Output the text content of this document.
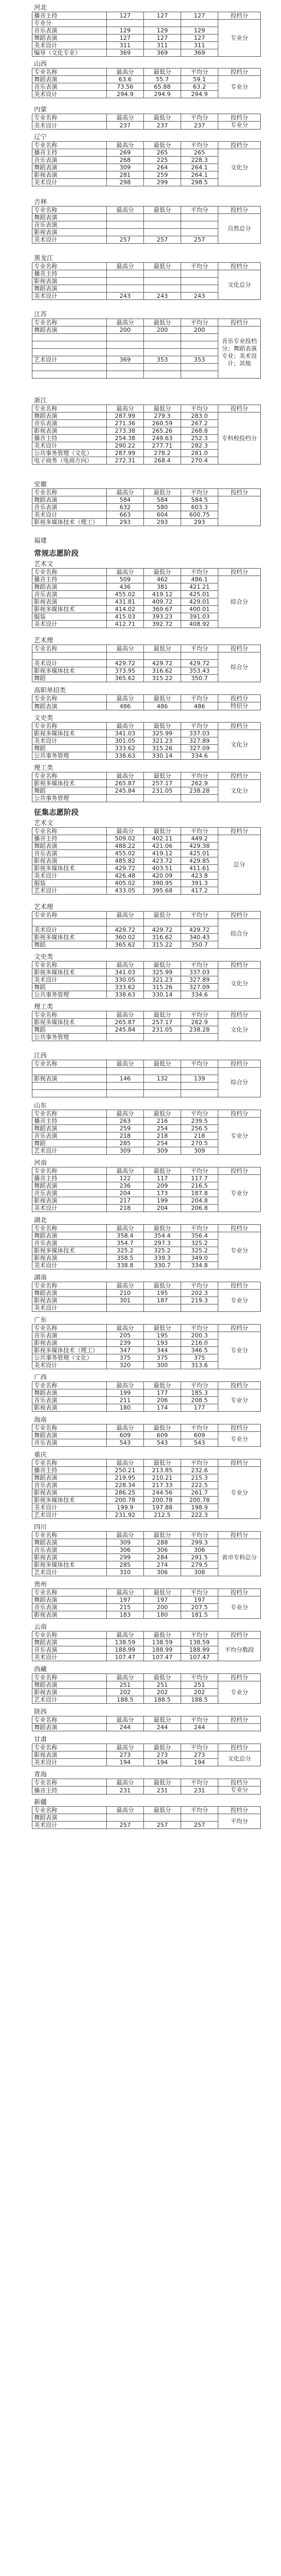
河北
播音主持	127	127	127	投档分
专业分				专业分
音乐表演	129	129	129	
舞蹈表演	127	127	127	
美术设计	311	311	311	
编导（文化专业）	369	369	369	
山西
专业名称	最高分	最低分	平均分	投档分
舞蹈表演	63.6	55.7	59.1	专业分
音乐表演	73.56	65.88	63.2	
美术设计	294.9	294.9	294.9	
内蒙
专业名称	最高分	最低分	平均分	投档分
美术设计	237	237	237	专业分
辽宁
专业名称	最高分	最低分	平均分	投档分
播音主持	269	265	265	文化分
音乐表演	268	225	228.3	
舞蹈表演	309	264	264.1	
影视表演	281	259	264.1	
美术设计	298	299	298.5	
吉林
专业名称	最高分	最低分	平均分	投档分
舞蹈表演				自然总分
音乐表演				
影视表演				
美术设计	257	257	257	
黑龙江
专业名称	最高分	最低分	平均分	投档分
播音主持				文化总分
影视表演				
舞蹈表演				
美术设计	243	243	243	
江苏
专业名称	最高分	最低分	平均分	投档分
舞蹈表演	200	200	200	音乐专业投档分；舞蹈表演专业；美术设计；其他

艺术设计	369	353	353	

浙江
专业名称	最高分	最低分	平均分	投档分
舞蹈表演	287.99	279.3	283.0	专科校投档分
音乐表演	271.36	260.59	267.2	
影视表演	273.38	265.26	268.8	
播音主持	254.38	249.63	252.3	
美术设计	290.22	277.71	282.3	
公共事务管理（文化）	287.99	278.2	281.0	
电子商务（电商方向）	272.31	268.4	270.4	
安徽
专业名称	最高分	最低分	平均分	投档分
舞蹈表演	584	584	584.5	
音乐表演	632	580	603.3	
美术设计	663	604	600.75	
影视多媒体技术（理工）	293	293	293	
福建
常规志愿阶段
艺术文
专业名称	最高分	最低分	平均分	投档分
播音主持	509	462	486.1	综合分
舞蹈表演	436	381	421.21	
音乐表演	455.02	419.12	425.01	
影视表演	431.81	409.72	429.01	
影视多媒体技术	414.02	369.67	400.01	
服装	415.03	393.23	391.03	
美术设计	412.71	392.72	408.92	
艺术理
专业名称	最高分	最低分	平均分	投档分
				综合分
美术设计	429.72	429.72	429.72	
影视多媒体技术	373.95	316.62	353.43	
舞蹈	365.62	315.22	350.7	
高职单招类
专业名称	最高分	最低分	平均分	投档分
舞蹈表演	486	486	486	特招分
文史类
专业名称	最高分	最低分	平均分	投档分
影视多媒体技术	341.03	325.99	337.03	文化分
美术设计	301.05	321.23	327.89	
舞蹈	333.62	315.26	327.09	
公共事务管理	338.63	330.14	334.6	
理工类
专业名称	最高分	最低分	平均分	投档分
影视多媒体技术	265.87	257.17	262.9	文化分
舞蹈	245.84	231.05	238.28	
公共事务管理				
征集志愿阶段
艺术文
专业名称	最高分	最低分	平均分	投档分
播音主持	509.02	402.11	449.2	总分
舞蹈表演	488.22	421.06	429.38	
音乐表演	455.02	419.12	425.01	
影视表演	485.82	423.72	429.85	
影视多媒体技术	429.72	403.51	411.61	
美术设计	426.48	420.09	423.8	
服装	405.02	390.95	391.3	
艺术设计	433.05	395.68	417.2	
艺术理
专业名称	最高分	最低分	平均分	投档分
				综合分
美术设计	429.72	429.72	429.72	
影视多媒体技术	360.02	316.62	340.43	
舞蹈	365.62	315.22	350.7	
文史类
专业名称	最高分	最低分	平均分	投档分
影视多媒体技术	341.03	325.99	337.03	文化分
美术设计	330.05	321.23	327.89	
舞蹈	333.62	315.26	327.09	
公共事务管理	338.63	330.14	334.6	
理工类
专业名称	最高分	最低分	平均分	投档分
影视多媒体技术	265.87	257.17	262.9	文化分
舞蹈	245.84	231.05	238.28	
公共事务管理				
江西
专业名称	最高分	最低分	平均分	投档分
				综合分
影视表演	146	132	139	

山东
专业名称	最高分	最低分	平均分	投档分
播音主持	263	216	239.5	专业分
舞蹈表演	259	254	256.5	
音乐表演	218	218	218	
舞蹈	285	254	270.5	
艺术设计	309	309	309	
河南
专业名称	最高分	最低分	平均分	投档分
播音主持	122	117	117.7	专业分
舞蹈表演	236	209	216.5	
音乐表演	204	173	187.8	
影视表演	217	199	204.8	
美术设计	218	204	206.8	
湖北
专业名称	最高分	最低分	平均分	投档分
舞蹈表演	358.4	354.4	356.4	专业分
音乐表演	354.7	297.3	325.2	
影视多媒体技术	325.2	325.2	325.2	
影视表演	358.5	339.3	349.0	
美术设计	338.8	330.7	334.8	
湖南
专业名称	最高分	最低分	平均分	投档分
舞蹈表演	210	195	202.3	专业分
影视表演	301	187	219.3	
美术设计				
广东
专业名称	最高分	最低分	平均分	投档分
音乐表演	205	195	200.3	专业分
影视表演	239	193	216.0	
影视多媒体技术（理工）	347	344	346.5	
公共事务管理（文化）	375	375	375	
美术设计	320	300	313.6	
广西
专业名称	最高分	最低分	平均分	投档分
舞蹈表演	199	177	185.3	专业分
音乐表演	211	206	208.5	
影视表演	180	174	177	
海南
专业名称	最高分	最低分	平均分	投档分
舞蹈表演	609	609	609	专业分
音乐表演	543	543	543	
重庆
专业名称	最高分	最低分	平均分	投档分
播音主持	250.21	213.85	232.6	专业分
舞蹈表演	219.95	210.21	215.3	
音乐表演	228.34	217.33	222.5	
影视表演	286.25	244.56	261.7	
影视多媒体技术	200.78	200.78	200.78	
美术设计	199.9	197.88	198.9	
艺术设计	231.92	212.5	222.3	
四川
专业名称	最高分	最低分	平均分	投档分
舞蹈表演	309	288	299.3	省市专科总分
音乐表演	306	306	306	
影视表演	299	284	291.5	
影视多媒体技术	285	274	279.5	
艺术设计	310	306	308	
贵州
专业名称	最高分	最低分	平均分	投档分
舞蹈表演	197	197	197	专业分
音乐表演	215	200	207.5	
影视表演	183	180	181.5	
云南
专业名称	最高分	最低分	平均分	投档分
舞蹈表演	138.59	138.59	138.59	平均分数段
音乐表演	188.99	188.99	188.99	
美术设计	107.47	107.47	107.47	
西藏
专业名称	最高分	最低分	平均分	投档分
舞蹈表演	251	251	251	专业分
影视表演	202	202	202	
艺术设计	188.5	188.5	188.5	
陕西
专业名称	最高分	最低分	平均分	投档分
舞蹈表演	244	244	244	
甘肃
专业名称	最高分	最低分	平均分	投档分
影视表演	273	273	273	文化总分
美术设计	194	194	194	
青海
专业名称	最高分	最低分	平均分	投档分
播音主持	231	231	231	专业分
新疆
专业名称	最高分	最低分	平均分	投档分
舞蹈表演				平均分
美术设计	257	257	257	
